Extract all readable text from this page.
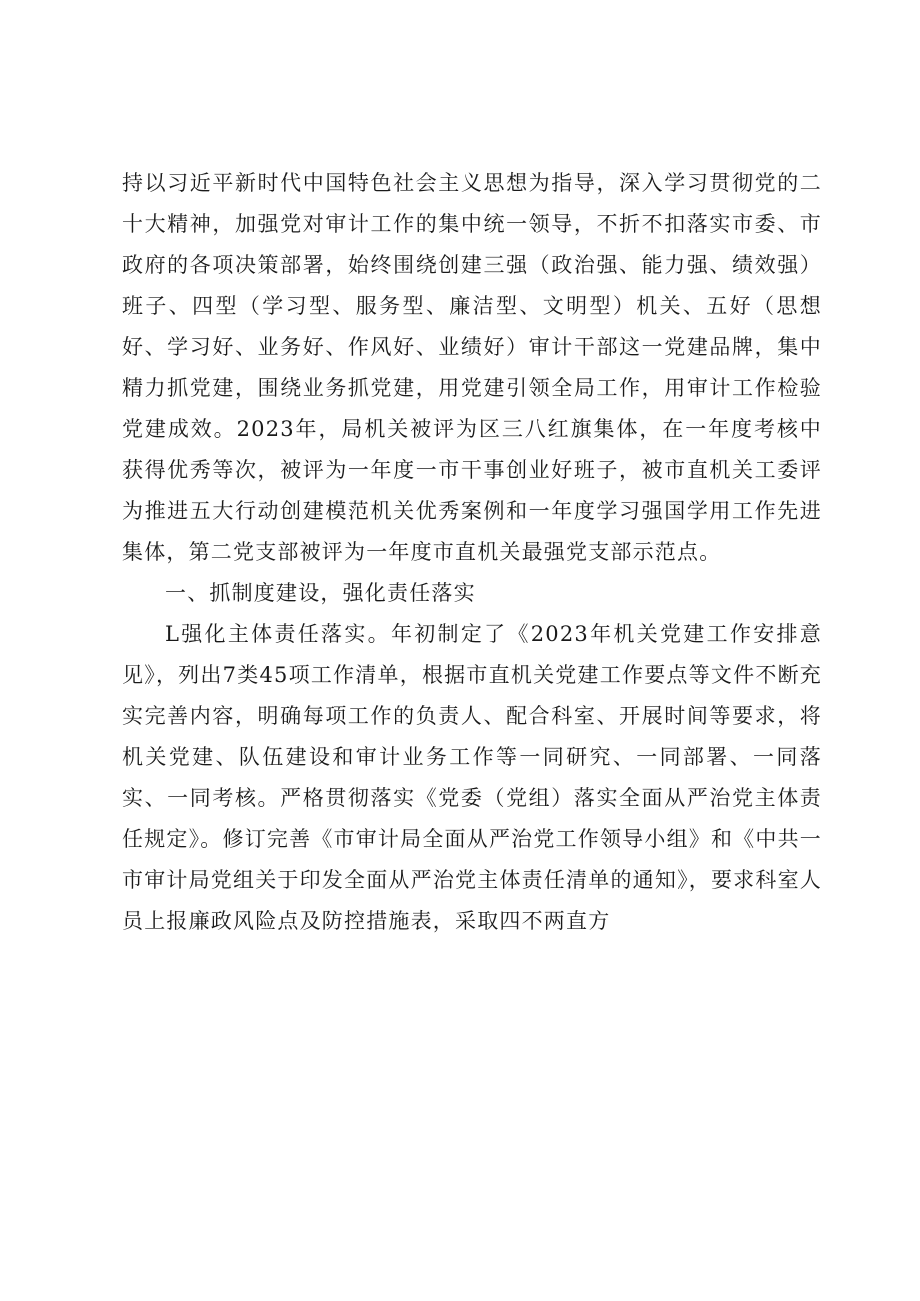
持以习近平新时代中国特色社会主义思想为指导，深入学习贯彻党的二十大精神，加强党对审计工作的集中统一领导，不折不扣落实市委、市政府的各项决策部署，始终围绕创建三强（政治强、能力强、绩效强）班子、四型（学习型、服务型、廉洁型、文明型）机关、五好（思想好、学习好、业务好、作风好、业绩好）审计干部这一党建品牌，集中精力抓党建，围绕业务抓党建，用党建引领全局工作，用审计工作检验党建成效。2023年，局机关被评为区三八红旗集体，在一年度考核中获得优秀等次，被评为一年度一市干事创业好班子，被市直机关工委评为推进五大行动创建模范机关优秀案例和一年度学习强国学用工作先进集体，第二党支部被评为一年度市直机关最强党支部示范点。

一、抓制度建设，强化责任落实

L强化主体责任落实。年初制定了《2023年机关党建工作安排意见》，列出7类45项工作清单，根据市直机关党建工作要点等文件不断充实完善内容，明确每项工作的负责人、配合科室、开展时间等要求，将机关党建、队伍建设和审计业务工作等一同研究、一同部署、一同落实、一同考核。严格贯彻落实《党委（党组）落实全面从严治党主体责任规定》。修订完善《市审计局全面从严治党工作领导小组》和《中共一市审计局党组关于印发全面从严治党主体责任清单的通知》，要求科室人员上报廉政风险点及防控措施表，采取四不两直方
